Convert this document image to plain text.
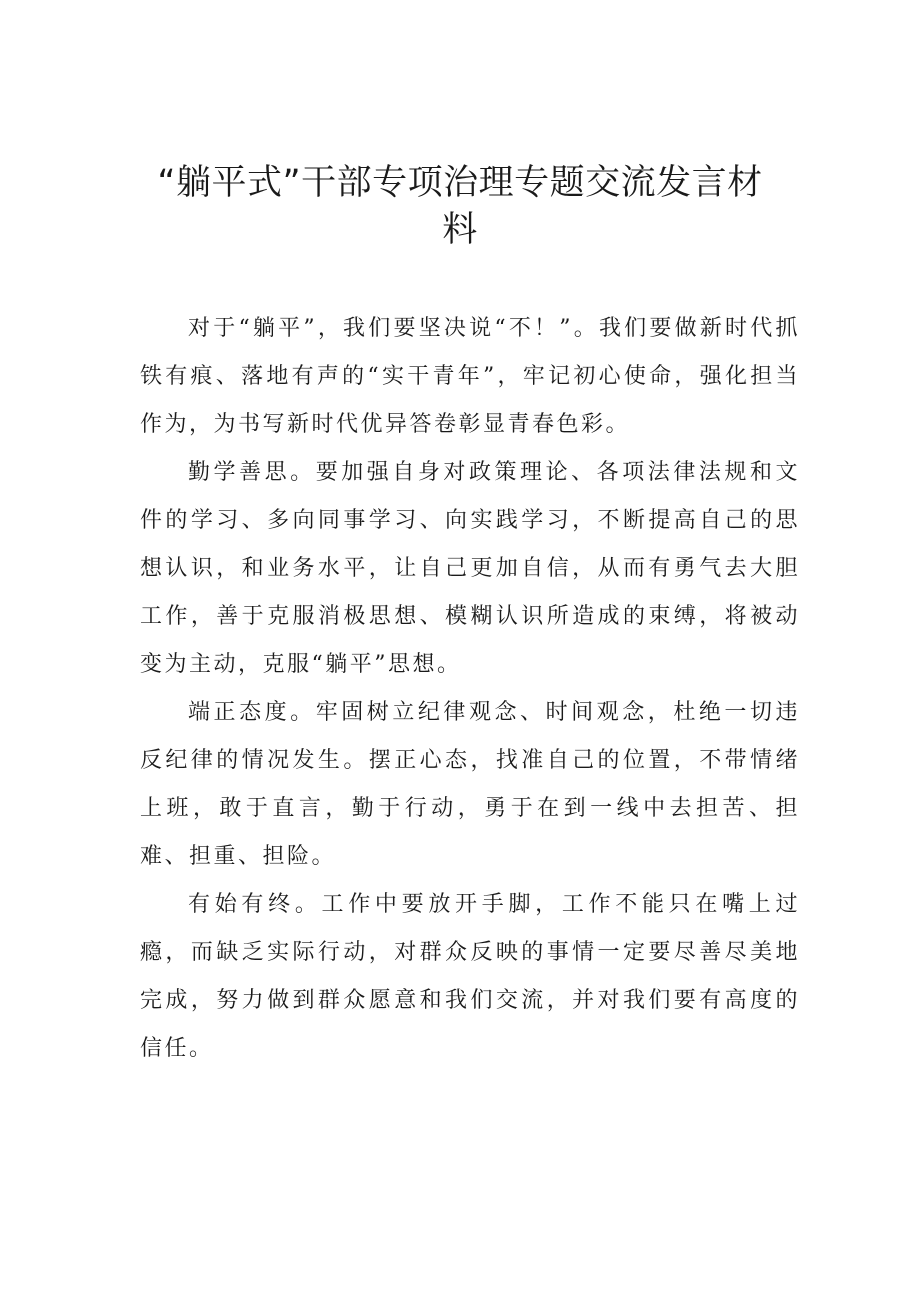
“躺平式”干部专项治理专题交流发言材料

对于“躺平”，我们要坚决说“不！”。我们要做新时代抓铁有痕、落地有声的“实干青年”，牢记初心使命，强化担当作为，为书写新时代优异答卷彰显青春色彩。

勤学善思。要加强自身对政策理论、各项法律法规和文件的学习、多向同事学习、向实践学习，不断提高自己的思想认识，和业务水平，让自己更加自信，从而有勇气去大胆工作，善于克服消极思想、模糊认识所造成的束缚，将被动变为主动，克服“躺平”思想。

端正态度。牢固树立纪律观念、时间观念，杜绝一切违反纪律的情况发生。摆正心态，找准自己的位置，不带情绪上班，敢于直言，勤于行动，勇于在到一线中去担苦、担难、担重、担险。

有始有终。工作中要放开手脚，工作不能只在嘴上过瘾，而缺乏实际行动，对群众反映的事情一定要尽善尽美地完成，努力做到群众愿意和我们交流，并对我们要有高度的信任。
